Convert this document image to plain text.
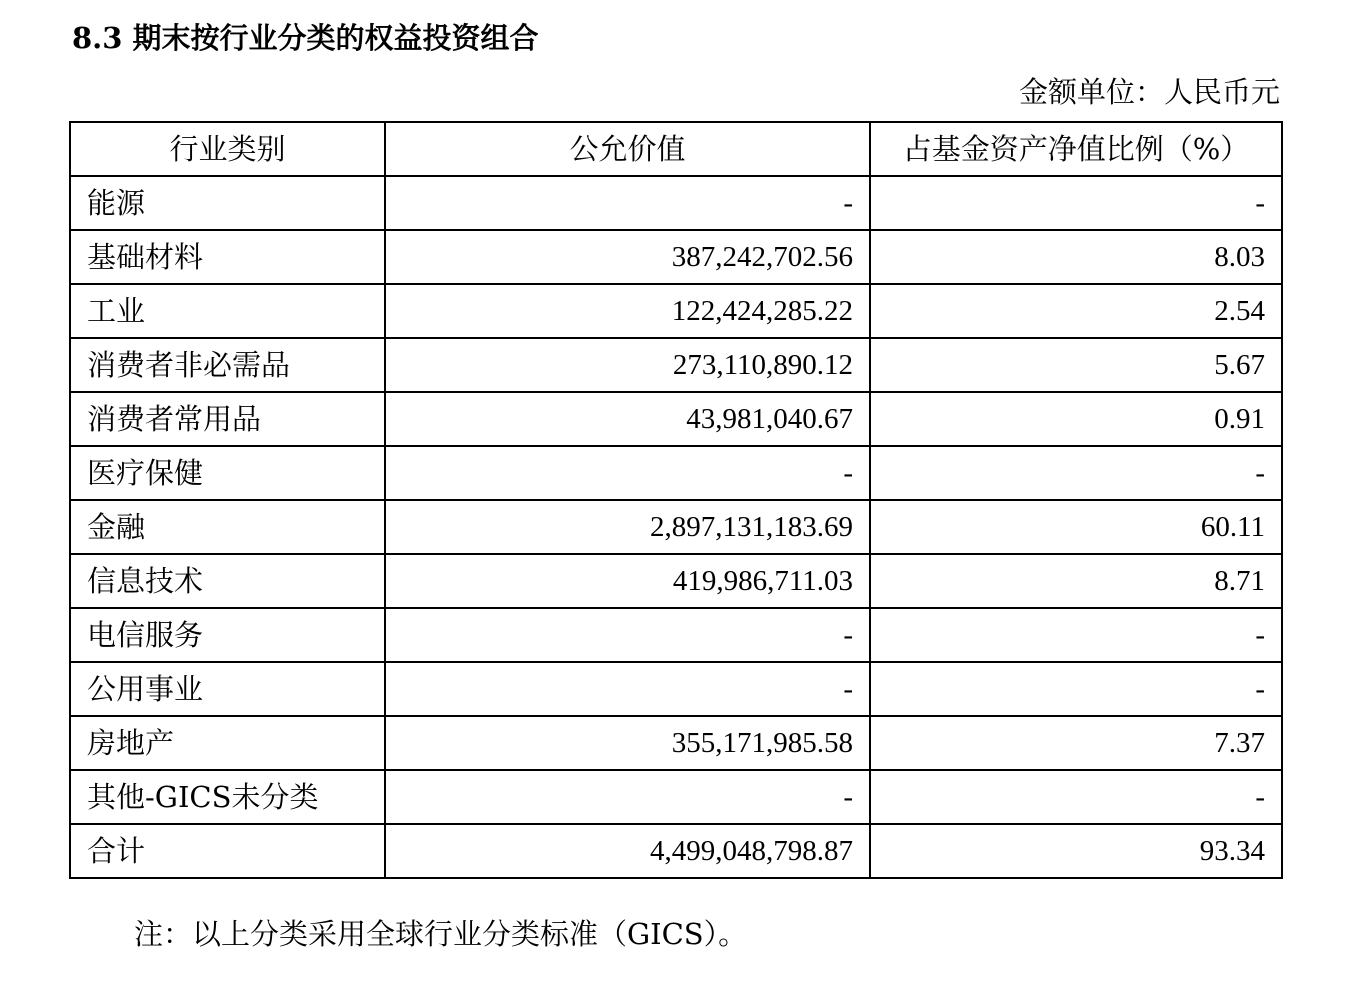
8.3 期末按行业分类的权益投资组合
金额单位：人民币元
行业类别	公允价值	占基金资产净值比例（%）
能源	-	-
基础材料	387,242,702.56	8.03
工业	122,424,285.22	2.54
消费者非必需品	273,110,890.12	5.67
消费者常用品	43,981,040.67	0.91
医疗保健	-	-
金融	2,897,131,183.69	60.11
信息技术	419,986,711.03	8.71
电信服务	-	-
公用事业	-	-
房地产	355,171,985.58	7.37
其他-GICS未分类	-	-
合计	4,499,048,798.87	93.34
注：以上分类采用全球行业分类标准（GICS）。
